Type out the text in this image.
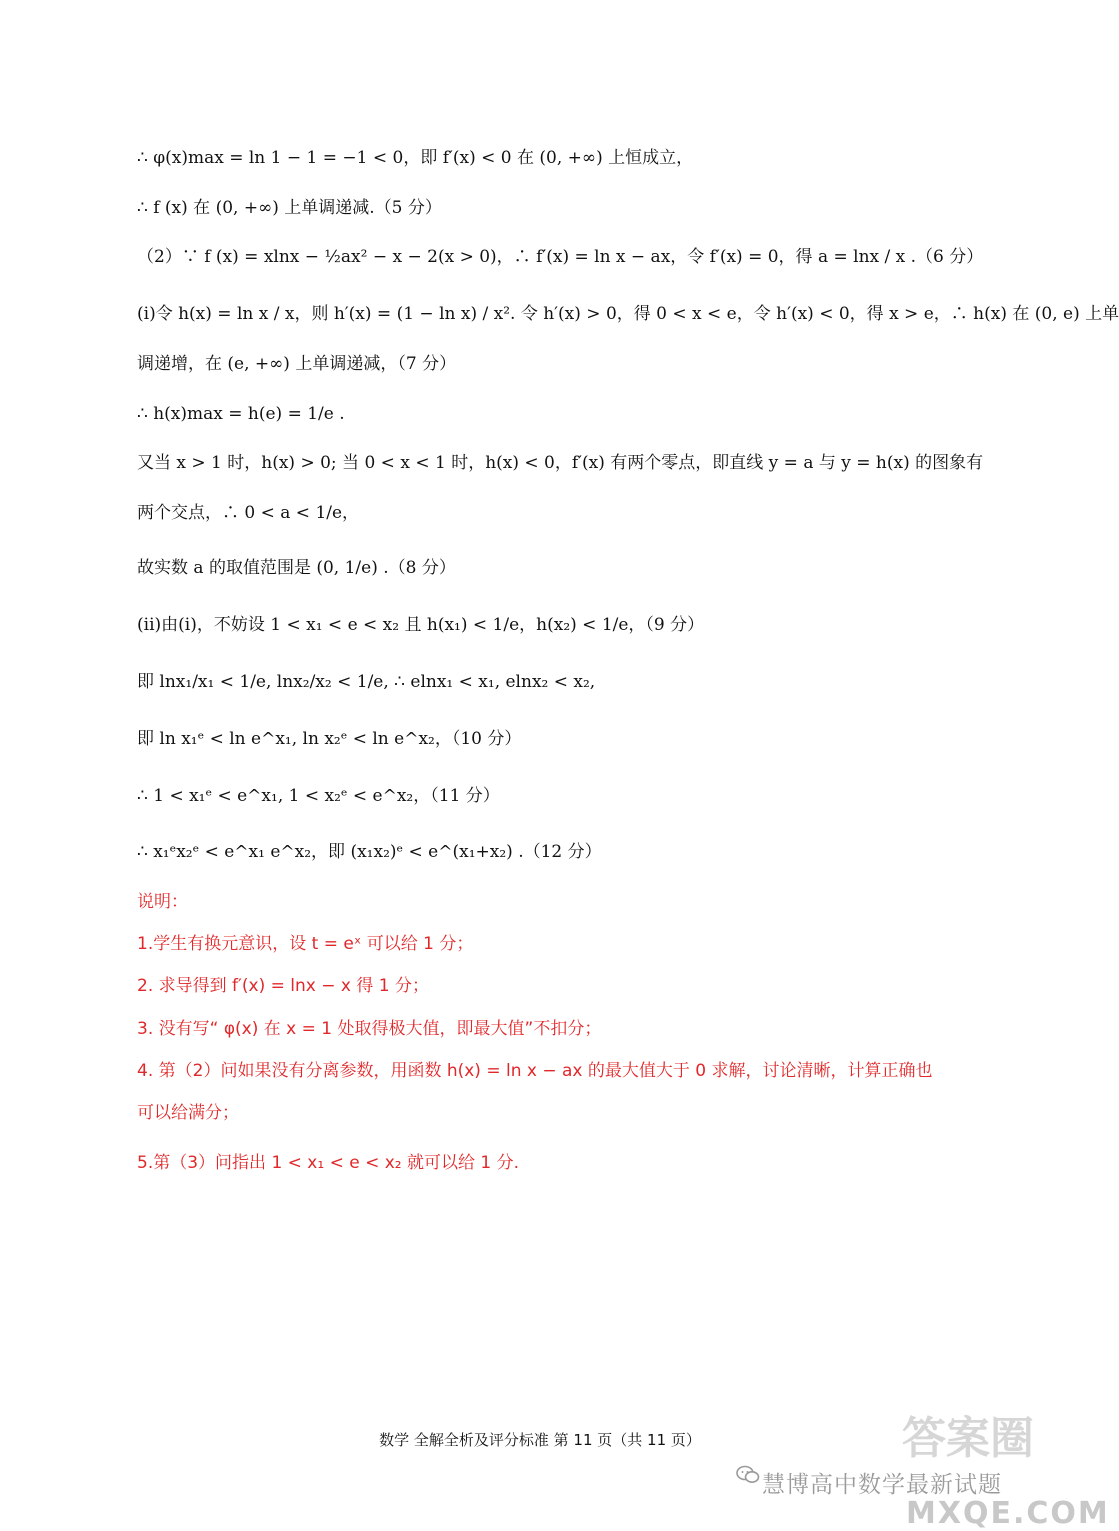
∴ φ(x)max = ln 1 − 1 = −1 < 0，即 f′(x) < 0 在 (0, +∞) 上恒成立，
∴ f (x) 在 (0, +∞) 上单调递减.（5 分）
（2）∵ f (x) = xlnx − ½ax² − x − 2(x > 0)，∴ f′(x) = ln x − ax，令 f′(x) = 0，得 a = lnx / x .（6 分）
(i)令 h(x) = ln x / x，则 h′(x) = (1 − ln x) / x². 令 h′(x) > 0，得 0 < x < e，令 h′(x) < 0，得 x > e，∴ h(x) 在 (0, e) 上单
调递增，在 (e, +∞) 上单调递减，（7 分）
∴ h(x)max = h(e) = 1/e .
又当 x > 1 时，h(x) > 0; 当 0 < x < 1 时，h(x) < 0，f′(x) 有两个零点，即直线 y = a 与 y = h(x) 的图象有
两个交点，∴ 0 < a < 1/e，
故实数 a 的取值范围是 (0, 1/e) .（8 分）
(ii)由(i)，不妨设 1 < x₁ < e < x₂ 且 h(x₁) < 1/e，h(x₂) < 1/e，（9 分）
即 lnx₁/x₁ < 1/e, lnx₂/x₂ < 1/e, ∴ elnx₁ < x₁, elnx₂ < x₂,
即 ln x₁ᵉ < ln e^x₁, ln x₂ᵉ < ln e^x₂，（10 分）
∴ 1 < x₁ᵉ < e^x₁, 1 < x₂ᵉ < e^x₂，（11 分）
∴ x₁ᵉx₂ᵉ < e^x₁ e^x₂，即 (x₁x₂)ᵉ < e^(x₁+x₂) .（12 分）
说明：
1.学生有换元意识，设 t = eˣ 可以给 1 分；
2. 求导得到 f′(x) = lnx − x 得 1 分；
3. 没有写“ φ(x) 在 x = 1 处取得极大值，即最大值”不扣分；
4. 第（2）问如果没有分离参数，用函数 h(x) = ln x − ax 的最大值大于 0 求解，讨论清晰，计算正确也
可以给满分；
5.第（3）问指出 1 < x₁ < e < x₂ 就可以给 1 分.
数学 全解全析及评分标准 第 11 页（共 11 页）	答案圈
慧博高中数学最新试题
MXQE.COM
